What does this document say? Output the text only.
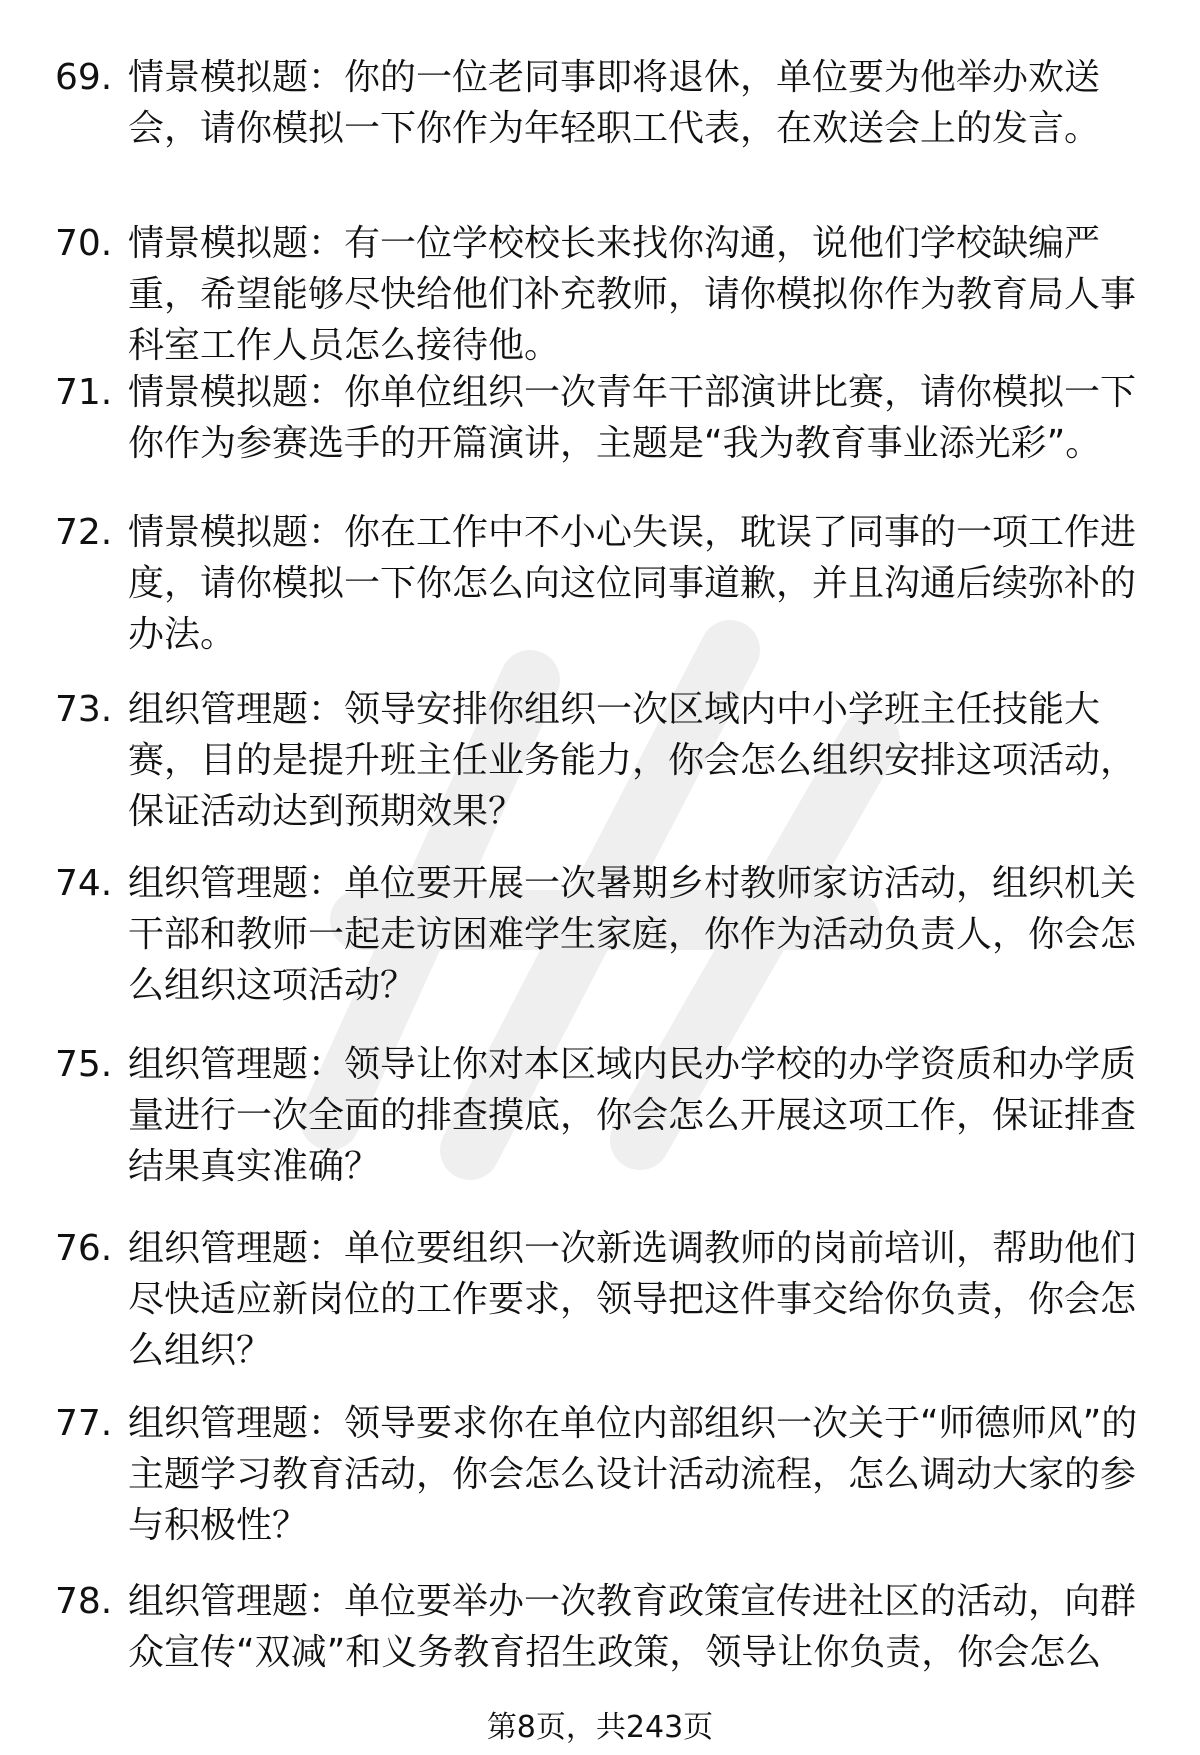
69. 情景模拟题：你的一位老同事即将退休，单位要为他举办欢送会，请你模拟一下你作为年轻职工代表，在欢送会上的发言。
70. 情景模拟题：有一位学校校长来找你沟通，说他们学校缺编严重，希望能够尽快给他们补充教师，请你模拟你作为教育局人事科室工作人员怎么接待他。
71. 情景模拟题：你单位组织一次青年干部演讲比赛，请你模拟一下你作为参赛选手的开篇演讲，主题是“我为教育事业添光彩”。
72. 情景模拟题：你在工作中不小心失误，耽误了同事的一项工作进度，请你模拟一下你怎么向这位同事道歉，并且沟通后续弥补的办法。
73. 组织管理题：领导安排你组织一次区域内中小学班主任技能大赛，目的是提升班主任业务能力，你会怎么组织安排这项活动，保证活动达到预期效果？
74. 组织管理题：单位要开展一次暑期乡村教师家访活动，组织机关干部和教师一起走访困难学生家庭，你作为活动负责人，你会怎么组织这项活动？
75. 组织管理题：领导让你对本区域内民办学校的办学资质和办学质量进行一次全面的排查摸底，你会怎么开展这项工作，保证排查结果真实准确？
76. 组织管理题：单位要组织一次新选调教师的岗前培训，帮助他们尽快适应新岗位的工作要求，领导把这件事交给你负责，你会怎么组织？
77. 组织管理题：领导要求你在单位内部组织一次关于“师德师风”的主题学习教育活动，你会怎么设计活动流程，怎么调动大家的参与积极性？
78. 组织管理题：单位要举办一次教育政策宣传进社区的活动，向群众宣传“双减”和义务教育招生政策，领导让你负责，你会怎么
第8页，共243页
